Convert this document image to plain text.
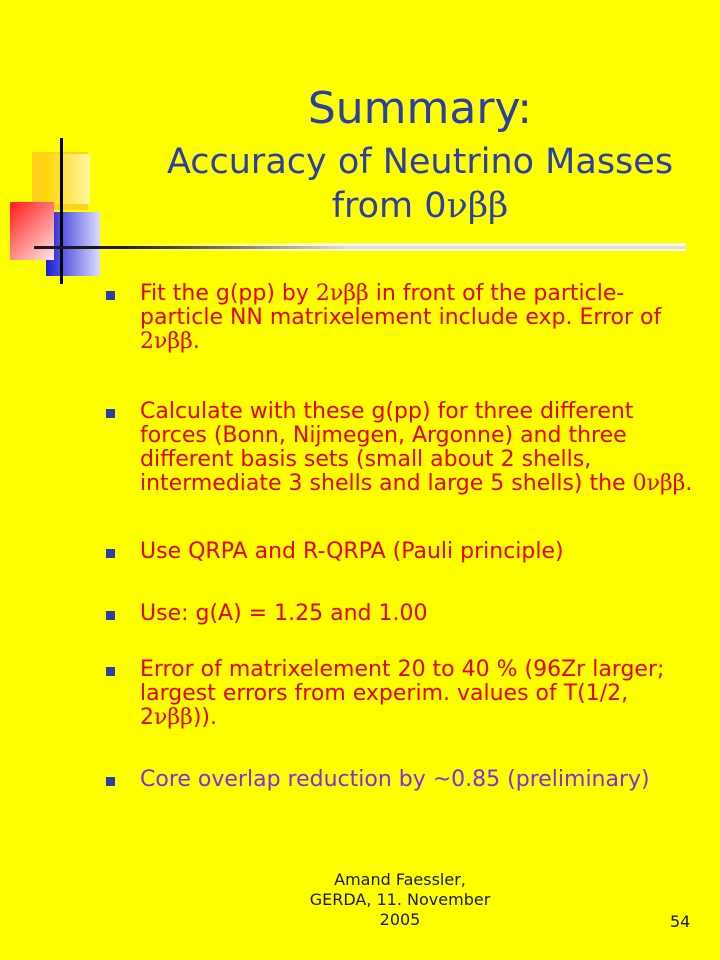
Summary:
Accuracy of Neutrino Masses
from 0νββ
Fit the g(pp) by 2νββ in front of the particle-particle NN matrixelement include exp. Error of 2νββ.
Calculate with these g(pp) for three different forces (Bonn, Nijmegen, Argonne) and three different basis sets (small about 2 shells, intermediate 3 shells and large 5 shells) the 0νββ.
Use QRPA and R-QRPA (Pauli principle)
Use: g(A) = 1.25 and 1.00
Error of matrixelement 20 to 40 % (96Zr larger; largest errors from experim. values of T(1/2, 2νββ)).
Core overlap reduction by ~0.85 (preliminary)
Amand Faessler,
GERDA, 11. November
2005	54
